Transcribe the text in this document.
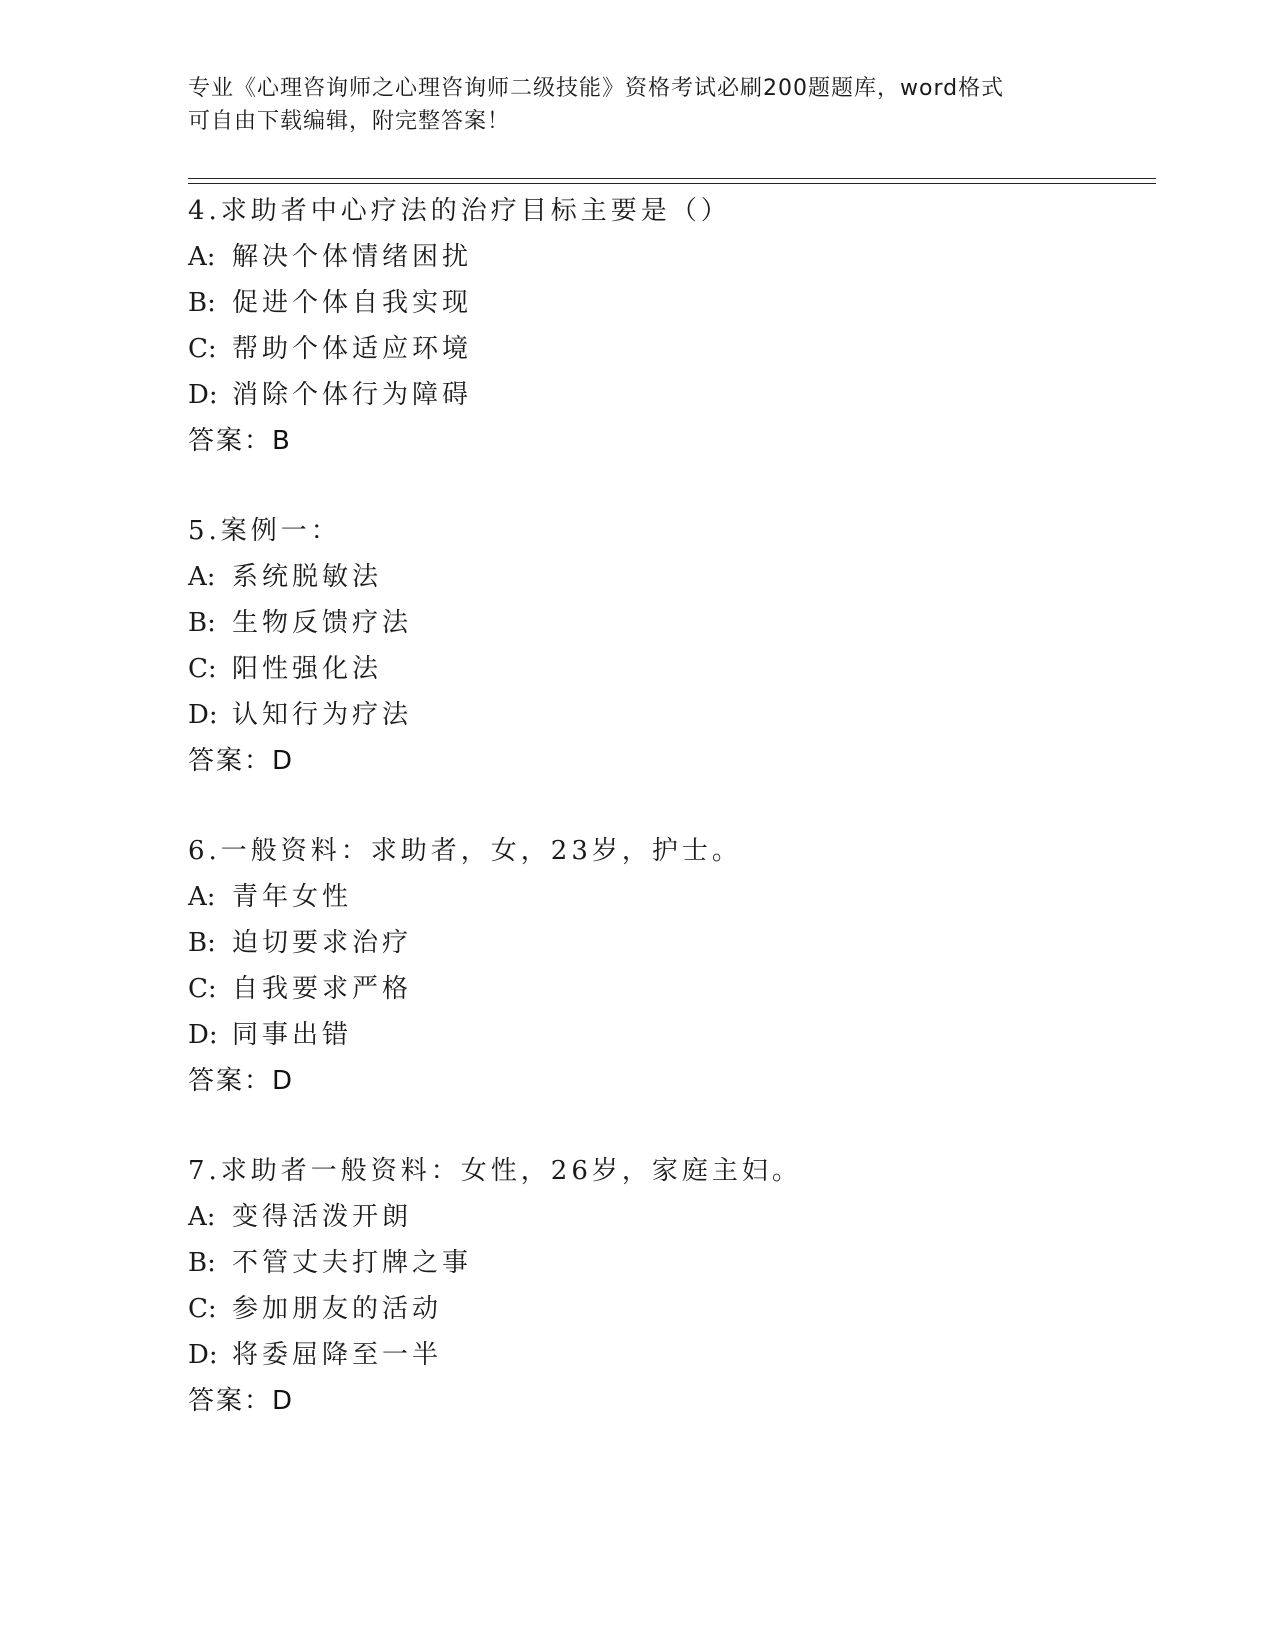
专业《心理咨询师之心理咨询师二级技能》资格考试必刷200题题库，word格式
可自由下载编辑，附完整答案！
4.求助者中心疗法的治疗目标主要是（）
A: 解决个体情绪困扰
B: 促进个体自我实现
C: 帮助个体适应环境
D: 消除个体行为障碍
答案：B
5.案例一：
A: 系统脱敏法
B: 生物反馈疗法
C: 阳性强化法
D: 认知行为疗法
答案：D
6.一般资料：求助者，女，23岁，护士。
A: 青年女性
B: 迫切要求治疗
C: 自我要求严格
D: 同事出错
答案：D
7.求助者一般资料：女性，26岁，家庭主妇。
A: 变得活泼开朗
B: 不管丈夫打牌之事
C: 参加朋友的活动
D: 将委屈降至一半
答案：D
